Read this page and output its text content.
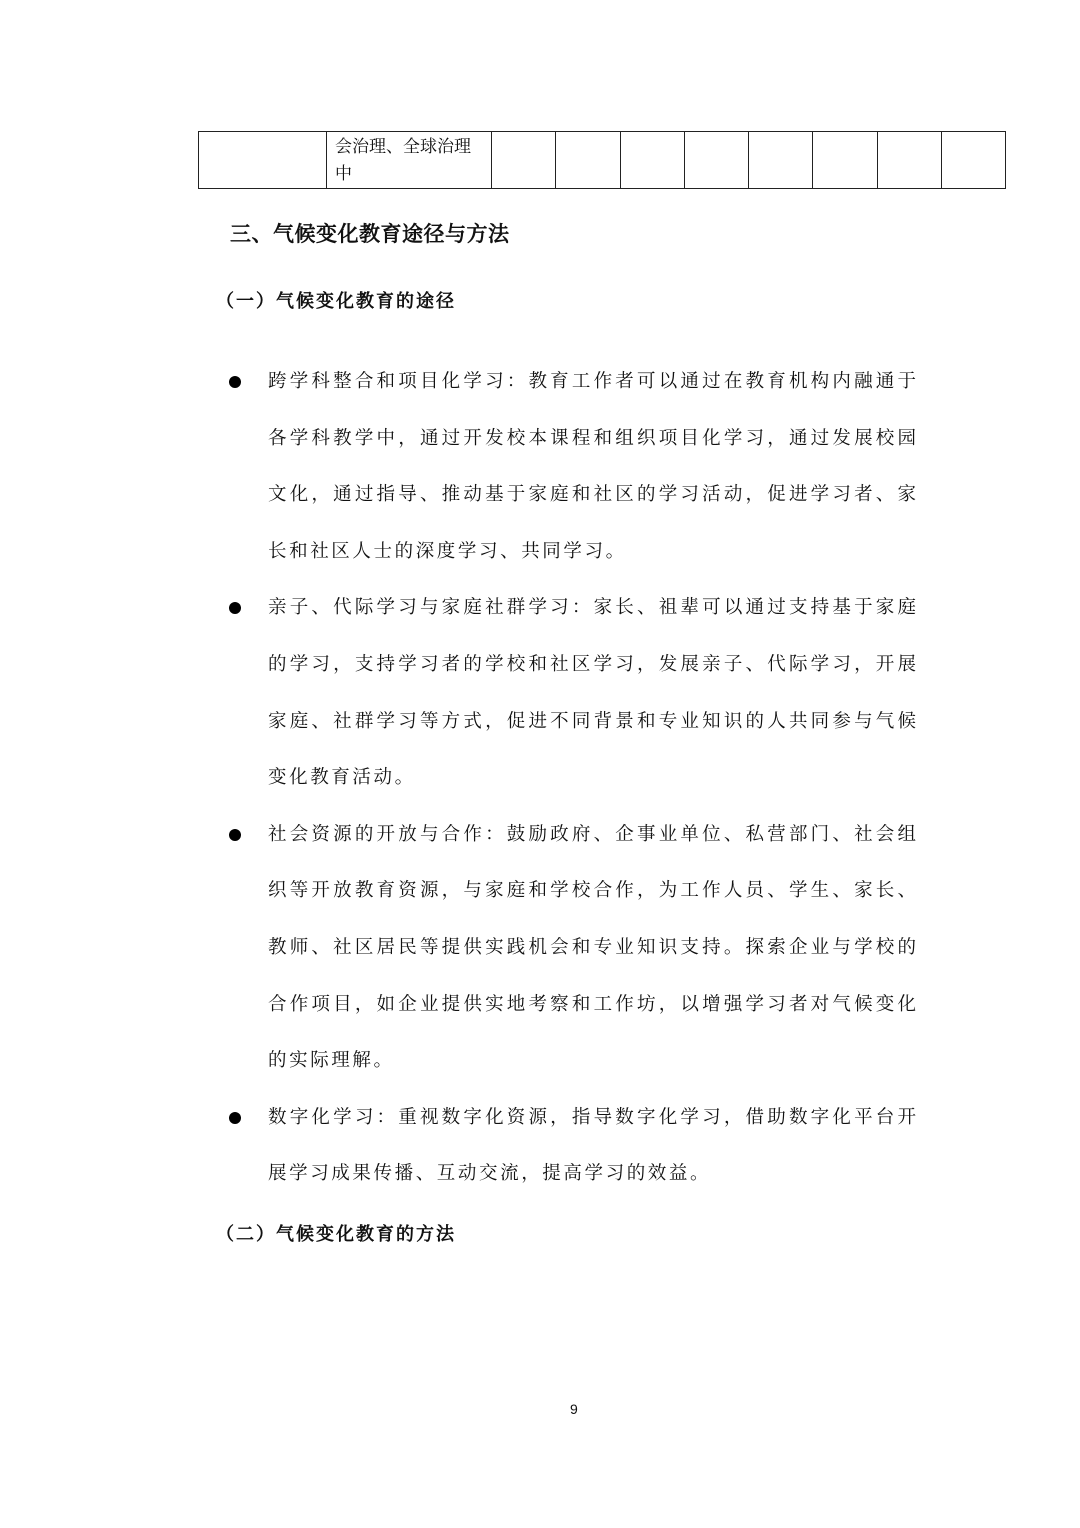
会治理、全球治理
中

三、气候变化教育途径与方法
（一）气候变化教育的途径
跨学科整合和项目化学习：教育工作者可以通过在教育机构内融通于
各学科教学中，通过开发校本课程和组织项目化学习，通过发展校园
文化，通过指导、推动基于家庭和社区的学习活动，促进学习者、家
长和社区人士的深度学习、共同学习。
亲子、代际学习与家庭社群学习：家长、祖辈可以通过支持基于家庭
的学习，支持学习者的学校和社区学习，发展亲子、代际学习，开展
家庭、社群学习等方式，促进不同背景和专业知识的人共同参与气候
变化教育活动。
社会资源的开放与合作：鼓励政府、企事业单位、私营部门、社会组
织等开放教育资源，与家庭和学校合作，为工作人员、学生、家长、
教师、社区居民等提供实践机会和专业知识支持。探索企业与学校的
合作项目，如企业提供实地考察和工作坊，以增强学习者对气候变化
的实际理解。
数字化学习：重视数字化资源，指导数字化学习，借助数字化平台开
展学习成果传播、互动交流，提高学习的效益。
（二）气候变化教育的方法
9
